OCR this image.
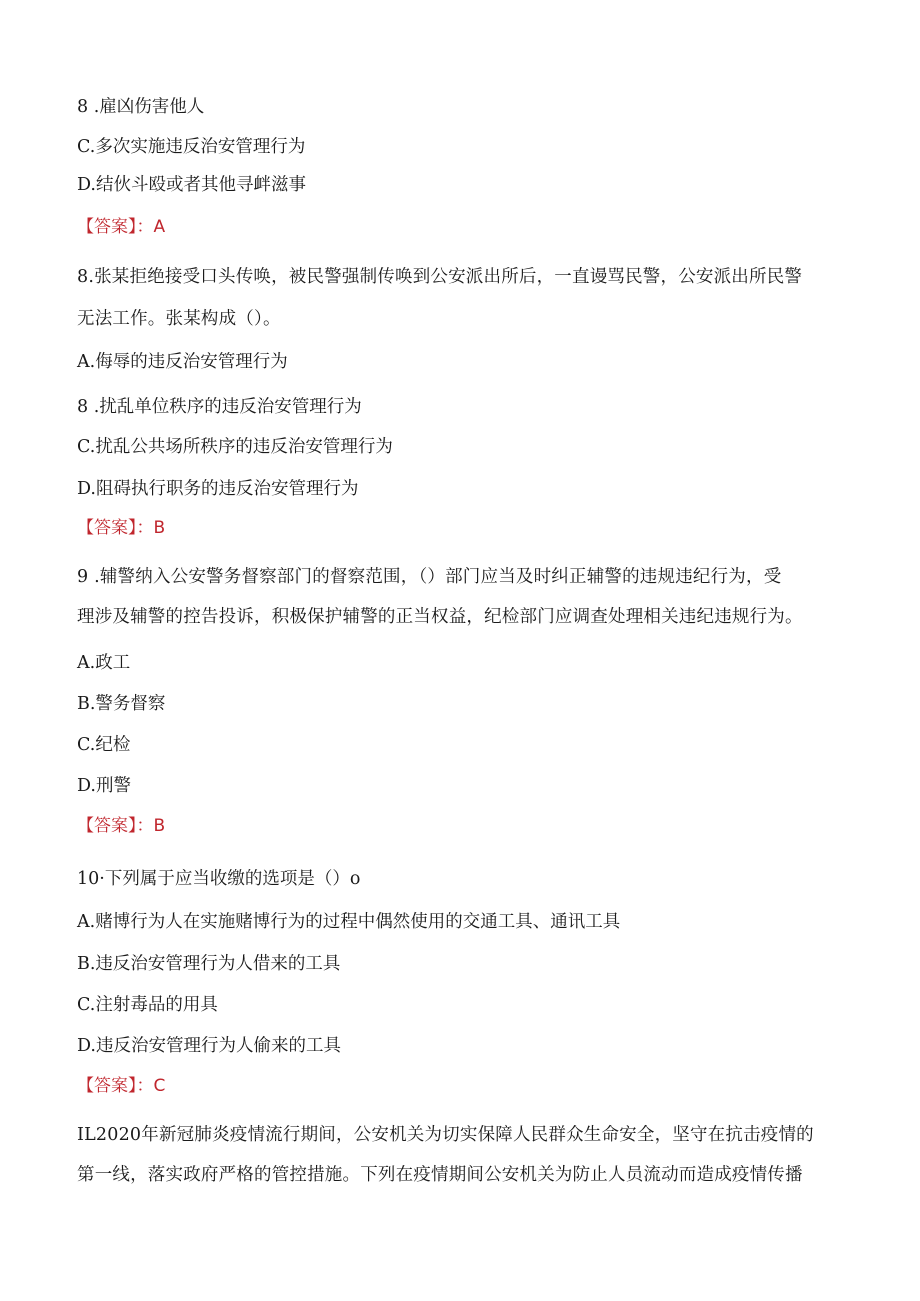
8 .雇凶伤害他人
C.多次实施违反治安管理行为
D.结伙斗殴或者其他寻衅滋事
【答案】：A
8.张某拒绝接受口头传唤，被民警强制传唤到公安派出所后，一直谩骂民警，公安派出所民警
无法工作。张某构成（）。
A.侮辱的违反治安管理行为
8 .扰乱单位秩序的违反治安管理行为
C.扰乱公共场所秩序的违反治安管理行为
D.阻碍执行职务的违反治安管理行为
【答案】：B
9 .辅警纳入公安警务督察部门的督察范围，（）部门应当及时纠正辅警的违规违纪行为，受
理涉及辅警的控告投诉，积极保护辅警的正当权益，纪检部门应调查处理相关违纪违规行为。
A.政工
B.警务督察
C.纪检
D.刑警
【答案】：B
10·下列属于应当收缴的选项是（）o
A.赌博行为人在实施赌博行为的过程中偶然使用的交通工具、通讯工具
B.违反治安管理行为人借来的工具
C.注射毒品的用具
D.违反治安管理行为人偷来的工具
【答案】：C
IL2020年新冠肺炎疫情流行期间，公安机关为切实保障人民群众生命安全，坚守在抗击疫情的
第一线，落实政府严格的管控措施。下列在疫情期间公安机关为防止人员流动而造成疫情传播
